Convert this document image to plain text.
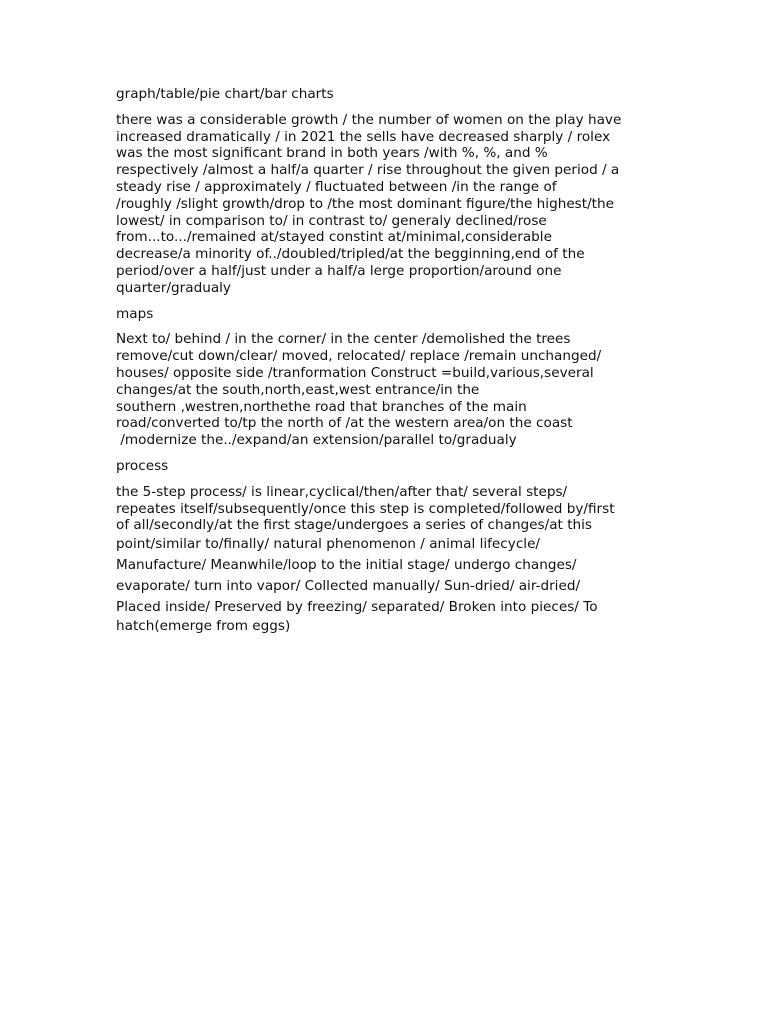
graph/table/pie chart/bar charts

there was a considerable growth / the number of women on the play have
increased dramatically / in 2021 the sells have decreased sharply / rolex
was the most significant brand in both years /with %, %, and %
respectively /almost a half/a quarter / rise throughout the given period / a
steady rise / approximately / fluctuated between /in the range of
/roughly /slight growth/drop to /the most dominant figure/the highest/the
lowest/ in comparison to/ in contrast to/ generaly declined/rose
from...to.../remained at/stayed constint at/minimal,considerable
decrease/a minority of../doubled/tripled/at the begginning,end of the
period/over a half/just under a half/a lerge proportion/around one
quarter/gradualy

maps

Next to/ behind / in the corner/ in the center /demolished the trees
remove/cut down/clear/ moved, relocated/ replace /remain unchanged/
houses/ opposite side /tranformation Construct =build,various,several
changes/at the south,north,east,west entrance/in the
southern ,westren,northethe road that branches of the main
road/converted to/tp the north of /at the western area/on the coast
/modernize the../expand/an extension/parallel to/gradualy

process

the 5-step process/ is linear,cyclical/then/after that/ several steps/
repeates itself/subsequently/once this step is completed/followed by/first
of all/secondly/at the first stage/undergoes a series of changes/at this
point/similar to/finally/ natural phenomenon / animal lifecycle/
Manufacture/ Meanwhile/loop to the initial stage/ undergo changes/
evaporate/ turn into vapor/ Collected manually/ Sun-dried/ air-dried/
Placed inside/ Preserved by freezing/ separated/ Broken into pieces/ To
hatch(emerge from eggs)
